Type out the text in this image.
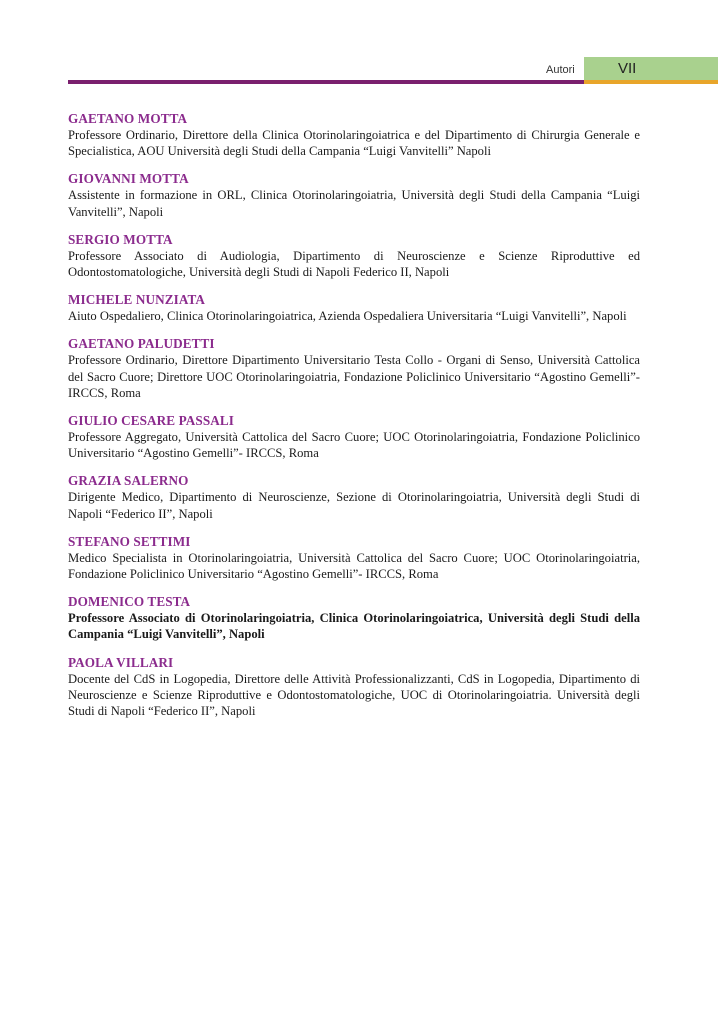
Autori	VII
GAETANO MOTTA
Professore Ordinario, Direttore della Clinica Otorinolaringoiatrica e del Dipartimento di Chirurgia Generale e Specialistica, AOU Università degli Studi della Campania “Luigi Vanvitelli” Napoli
GIOVANNI MOTTA
Assistente in formazione in ORL, Clinica Otorinolaringoiatria, Università degli Studi della Campania “Luigi Vanvitelli”, Napoli
SERGIO MOTTA
Professore Associato di Audiologia, Dipartimento di Neuroscienze e Scienze Riproduttive ed Odontostomatologiche, Università degli Studi di Napoli Federico II, Napoli
MICHELE NUNZIATA
Aiuto Ospedaliero, Clinica Otorinolaringoiatrica, Azienda Ospedaliera Universitaria “Luigi Vanvitelli”, Napoli
GAETANO PALUDETTI
Professore Ordinario, Direttore Dipartimento Universitario Testa Collo - Organi di Senso, Università Cattolica del Sacro Cuore; Direttore UOC Otorinolaringoiatria, Fondazione Policlinico Universitario “Agostino Gemelli”- IRCCS, Roma
GIULIO CESARE PASSALI
Professore Aggregato, Università Cattolica del Sacro Cuore; UOC Otorinolaringoiatria, Fondazione Policlinico Universitario “Agostino Gemelli”- IRCCS, Roma
GRAZIA SALERNO
Dirigente Medico, Dipartimento di Neuroscienze, Sezione di Otorinolaringoiatria, Università degli Studi di Napoli “Federico II”, Napoli
STEFANO SETTIMI
Medico Specialista in Otorinolaringoiatria, Università Cattolica del Sacro Cuore; UOC Otorinolaringoiatria, Fondazione Policlinico Universitario “Agostino Gemelli”- IRCCS, Roma
DOMENICO TESTA
Professore Associato di Otorinolaringoiatria, Clinica Otorinolaringoiatrica, Università degli Studi della Campania “Luigi Vanvitelli”, Napoli
PAOLA VILLARI
Docente del CdS in Logopedia, Direttore delle Attività Professionalizzanti, CdS in Logopedia, Dipartimento di Neuroscienze e Scienze Riproduttive e Odontostomatologiche, UOC di Otorinolaringoiatria. Università degli Studi di Napoli “Federico II”, Napoli
